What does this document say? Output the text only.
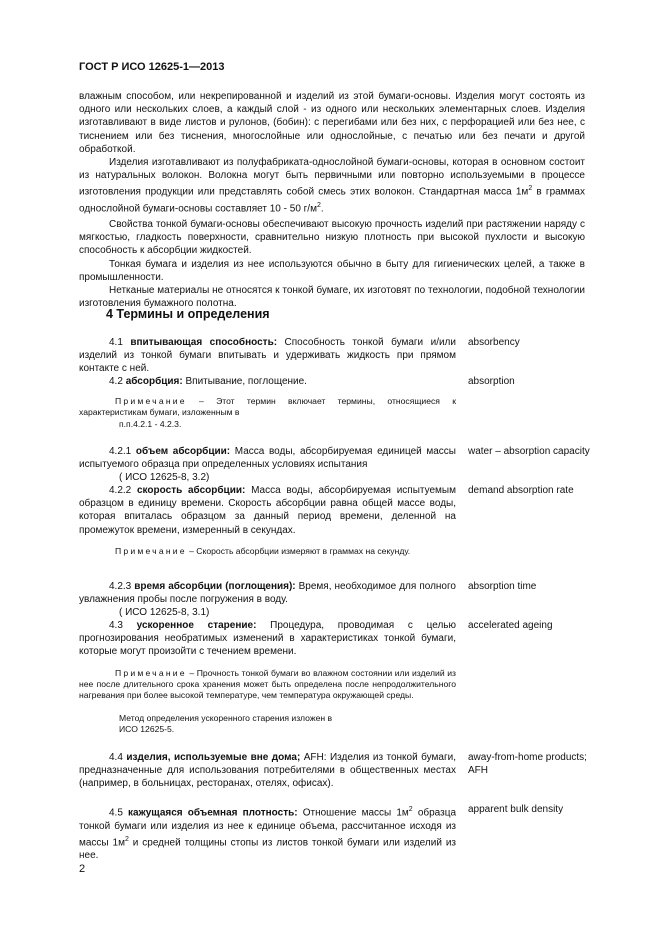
ГОСТ Р ИСО 12625-1—2013
влажным способом, или некрепированной и изделий из этой бумаги-основы. Изделия могут состоять из одного или нескольких слоев, а каждый слой - из одного или нескольких элементарных слоев. Изделия изготавливают в виде листов и рулонов, (бобин): с перегибами или без них, с перфорацией или без нее, с тиснением или без тиснения, многослойные или однослойные, с печатью или без печати и другой обработкой.
Изделия изготавливают из полуфабриката-однослойной бумаги-основы, которая в основном состоит из натуральных волокон. Волокна могут быть первичными или повторно используемыми в процессе изготовления продукции или представлять собой смесь этих волокон. Стандартная масса $1м^2$ в граммах однослойной бумаги-основы составляет 10 - 50 $г/м^2$.
Свойства тонкой бумаги-основы обеспечивают высокую прочность изделий при растяжении наряду с мягкостью, гладкость поверхности, сравнительно низкую плотность при высокой пухлости и высокую способность к абсорбции жидкостей.
Тонкая бумага и изделия из нее используются обычно в быту для гигиенических целей, а также в промышленности.
Нетканые материалы не относятся к тонкой бумаге, их изготовят по технологии, подобной технологии изготовления бумажного полотна.
4 Термины и определения
4.1 впитывающая способность: Способность тонкой бумаги и/или изделий из тонкой бумаги впитывать и удерживать жидкость при прямом контакте с ней.
absorbency
4.2 абсорбция: Впитывание, поглощение.	absorption
Примечание – Этот термин включает термины, относящиеся к характеристикам бумаги, изложенным в
п.п.4.2.1 - 4.2.3.
4.2.1 объем абсорбции: Масса воды, абсорбируемая единицей массы испытуемого образца при определенных условиях испытания
( ИСО 12625-8, 3.2)
water – absorption capacity
4.2.2 скорость абсорбции: Масса воды, абсорбируемая испытуемым образцом в единицу времени. Скорость абсорбции равна общей массе воды, которая впиталась образцом за данный период времени, деленной на промежуток времени, измеренный в секундах.
demand absorption rate
Примечание – Скорость абсорбции измеряют в граммах на секунду.
4.2.3 время абсорбции (поглощения): Время, необходимое для полного увлажнения пробы после погружения в воду.
( ИСО 12625-8, 3.1)
absorption time
4.3 ускоренное старение: Процедура, проводимая с целью прогнозирования необратимых изменений в характеристиках тонкой бумаги, которые могут произойти с течением времени.
accelerated ageing
Примечание – Прочность тонкой бумаги во влажном состоянии или изделий из нее после длительного срока хранения может быть определена после непродолжительного нагревания при более высокой температуре, чем температура окружающей среды.
Метод определения ускоренного старения изложен в
ИСО 12625-5.
4.4 изделия, используемые вне дома; AFH: Изделия из тонкой бумаги, предназначенные для использования потребителями в общественных местах (например, в больницах, ресторанах, отелях, офисах).
away-from-home products;
AFH
4.5 кажущаяся объемная плотность: Отношение массы $1м^2$ образца тонкой бумаги или изделия из нее к единице объема, рассчитанное исходя из массы $1м^2$ и средней толщины стопы из листов тонкой бумаги или изделий из нее.
apparent bulk density
2
